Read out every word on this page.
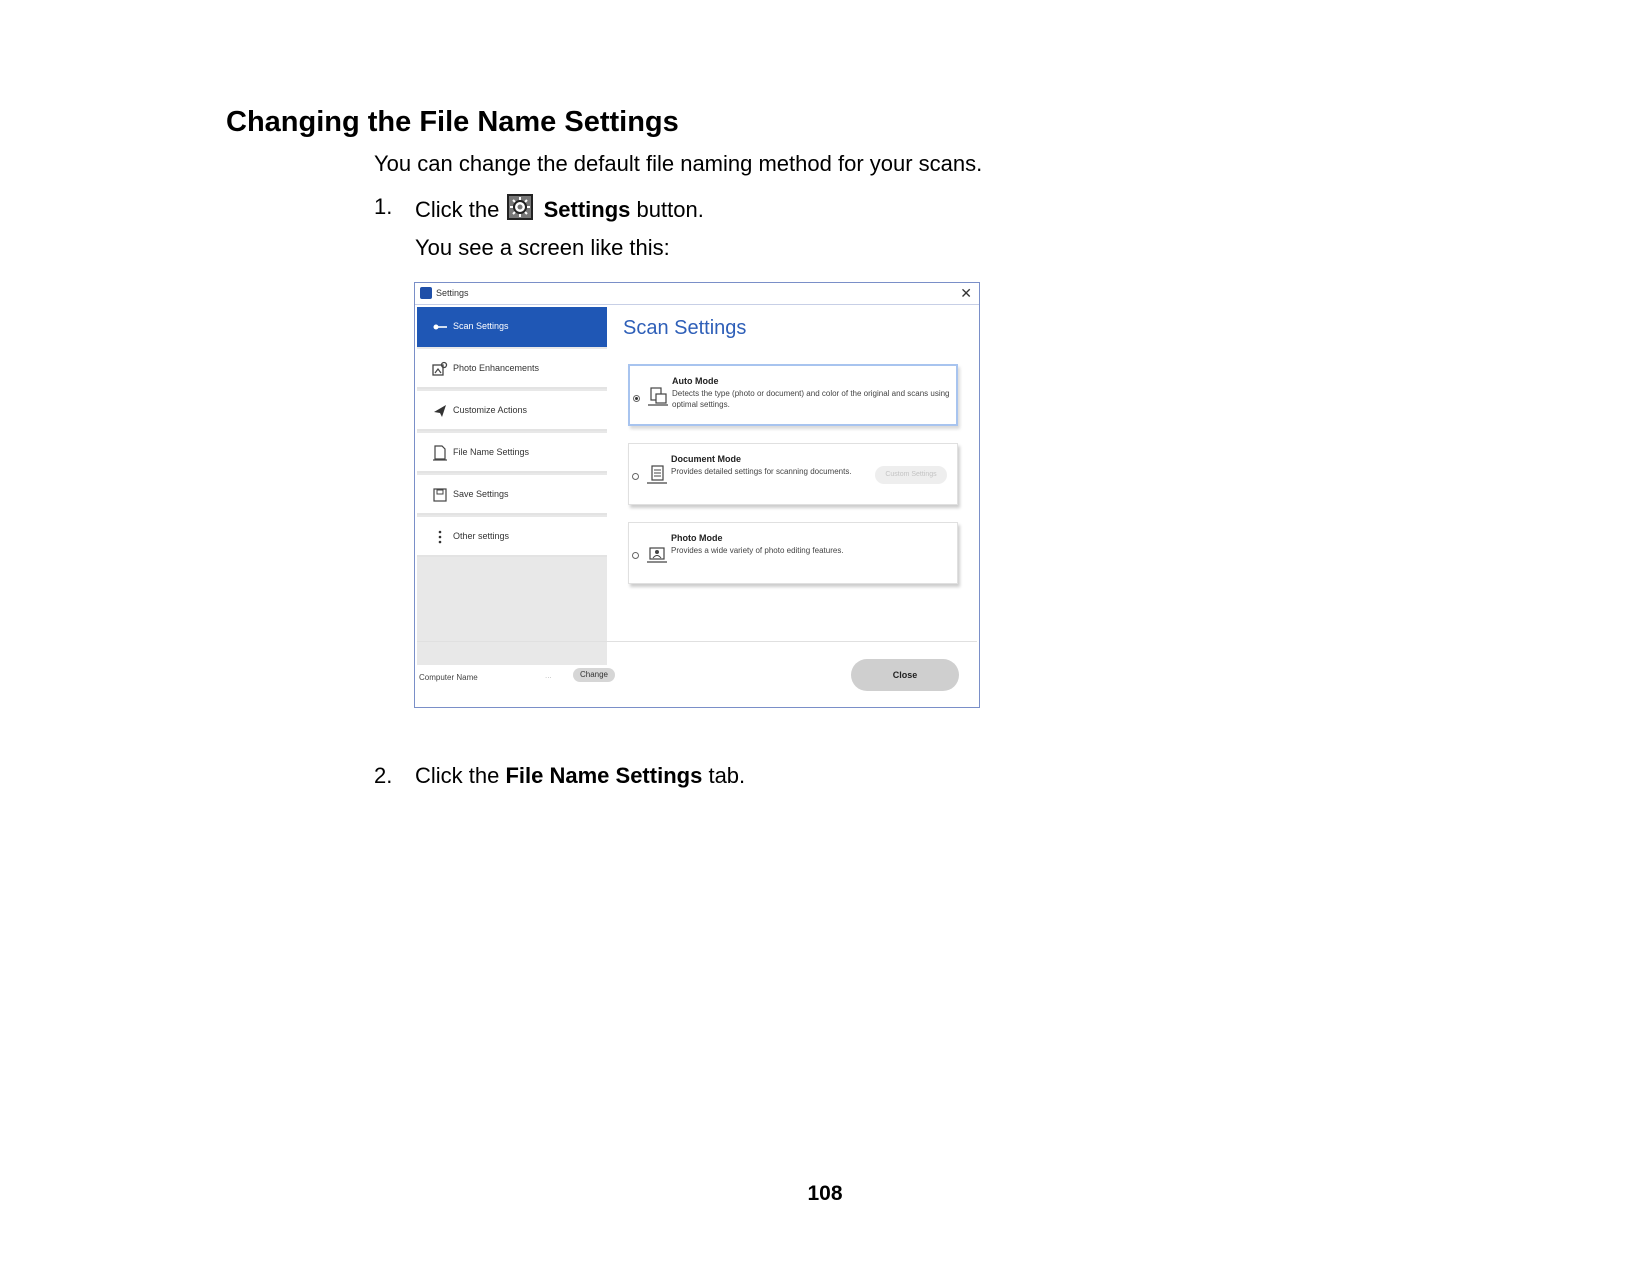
Changing the File Name Settings
You can change the default file naming method for your scans.
1. Click the Settings button.
You see a screen like this:
Settings	✕
Scan Settings
Photo Enhancements
Customize Actions
File Name Settings
Save Settings
Other settings
Scan Settings
Auto Mode
Detects the type (photo or document) and color of the original and scans using optimal settings.
Document Mode
Provides detailed settings for scanning documents.	Custom Settings
Photo Mode
Provides a wide variety of photo editing features.
Computer Name	...	Change	Close
2. Click the File Name Settings tab.
108
